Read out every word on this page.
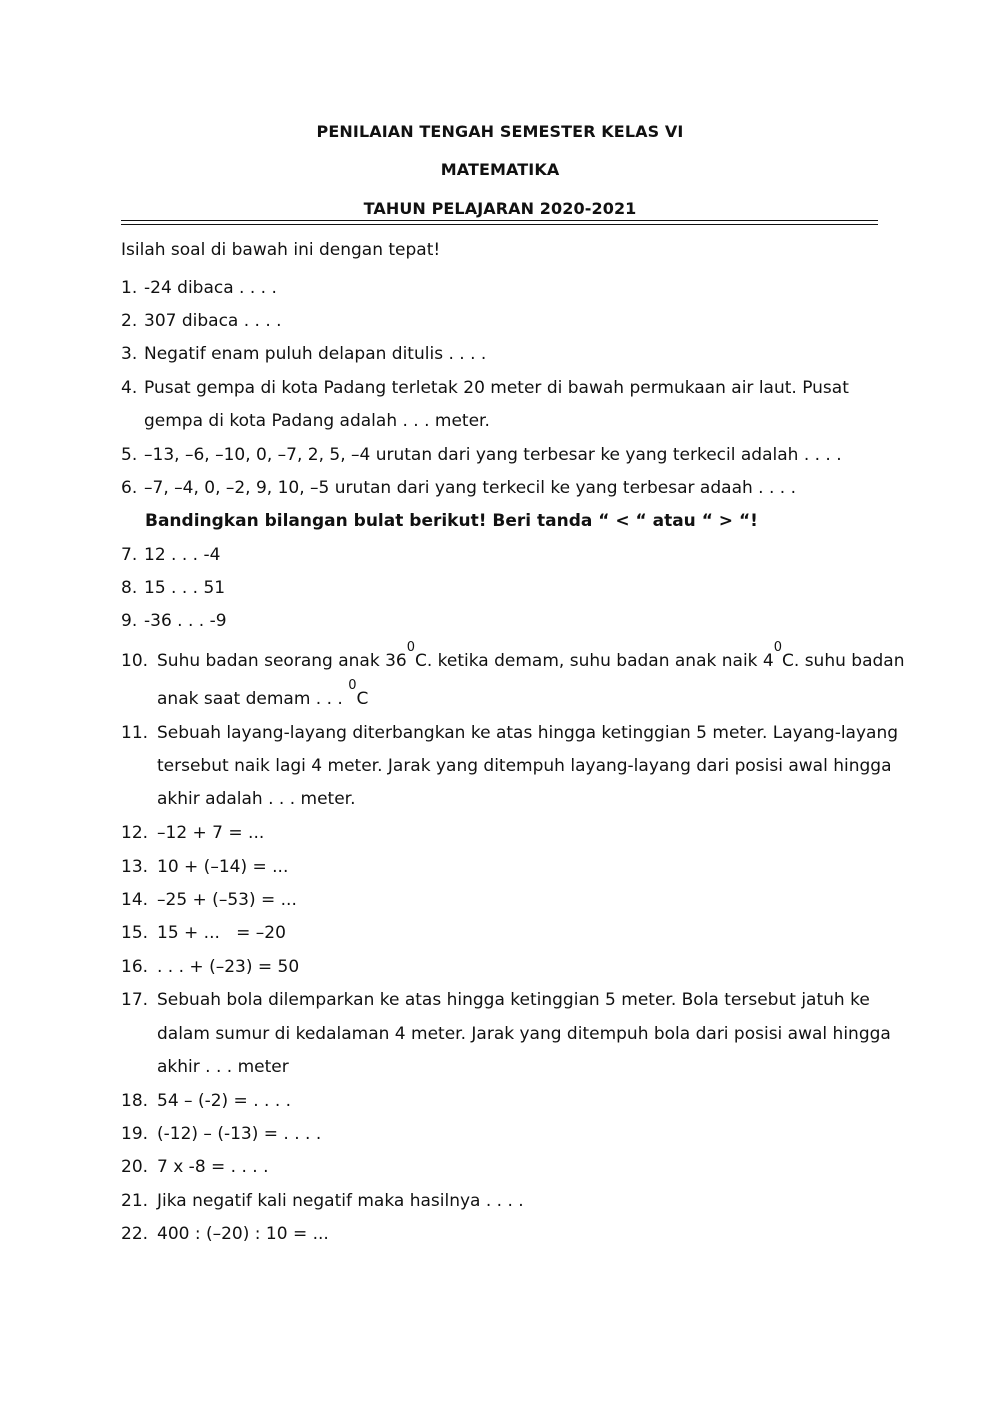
PENILAIAN TENGAH SEMESTER KELAS VI
MATEMATIKA
TAHUN PELAJARAN 2020-2021
Isilah soal di bawah ini dengan tepat!
1. -24 dibaca . . . .
2. 307 dibaca . . . .
3. Negatif enam puluh delapan ditulis . . . .
4. Pusat gempa di kota Padang terletak 20 meter di bawah permukaan air laut. Pusat
gempa di kota Padang adalah . . . meter.
5. –13, –6, –10, 0, –7, 2, 5, –4 urutan dari yang terbesar ke yang terkecil adalah . . . .
6. –7, –4, 0, –2, 9, 10, –5 urutan dari yang terkecil ke yang terbesar adaah . . . .
Bandingkan bilangan bulat berikut! Beri tanda “ < “ atau “ > “!
7. 12 . . . -4
8. 15 . . . 51
9. -36 . . . -9
10. Suhu badan seorang anak $36^0C$. ketika demam, suhu badan anak naik $4^0C$. suhu badan
anak saat demam . . . $^0$C
11. Sebuah layang-layang diterbangkan ke atas hingga ketinggian 5 meter. Layang-layang
tersebut naik lagi 4 meter. Jarak yang ditempuh layang-layang dari posisi awal hingga
akhir adalah . . . meter.
12. –12 + 7 = ...
13. 10 + (–14) = ...
14. –25 + (–53) = ...
15. 15 + ...   = –20
16. . . . + (–23) = 50
17. Sebuah bola dilemparkan ke atas hingga ketinggian 5 meter. Bola tersebut jatuh ke
dalam sumur di kedalaman 4 meter. Jarak yang ditempuh bola dari posisi awal hingga
akhir . . . meter
18. 54 – (-2) = . . . .
19. (-12) – (-13) = . . . .
20. 7 x -8 = . . . .
21. Jika negatif kali negatif maka hasilnya . . . .
22. 400 : (–20) : 10 = ...
